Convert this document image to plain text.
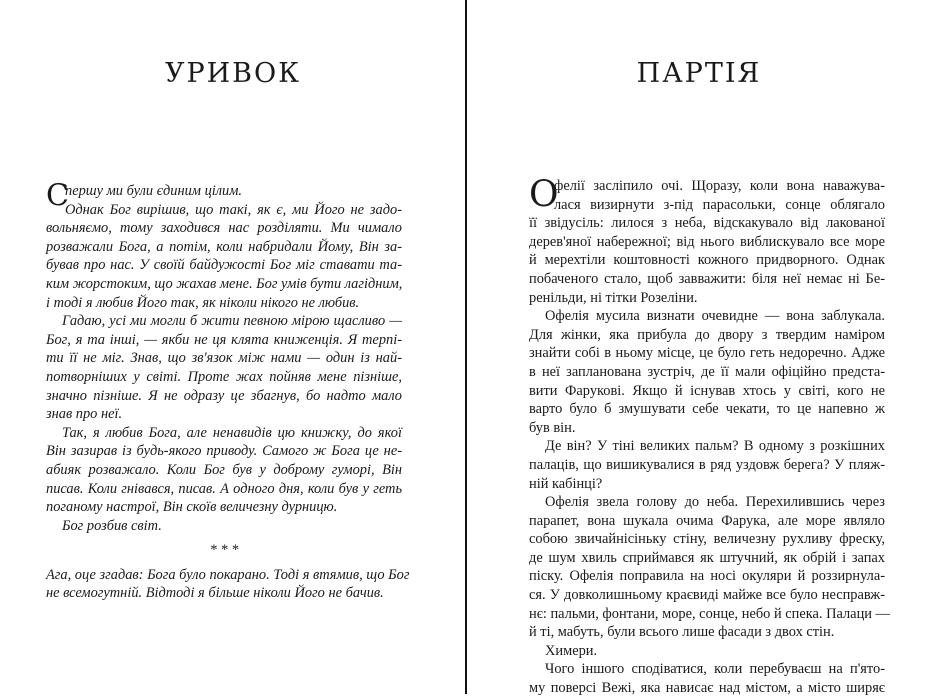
УРИВОК
С
першу ми були єдиним цілим.
Однак Бог вирішив, що такі, як є, ми Його не задо-
вольняємо, тому заходився нас розділяти. Ми чимало
розважали Бога, а потім, коли набридали Йому, Він за-
бував про нас. У своїй байдужості Бог міг ставати та-
ким жорстоким, що жахав мене. Бог умів бути лагідним,
і тоді я любив Його так, як ніколи нікого не любив.
Гадаю, усі ми могли б жити певною мірою щасливо —
Бог, я та інші, — якби не ця клята книженція. Я терпі-
ти її не міг. Знав, що зв'язок між нами — один із най-
потворніших у світі. Проте жах пойняв мене пізніше,
значно пізніше. Я не одразу це збагнув, бо надто мало
знав про неї.
Так, я любив Бога, але ненавидів цю книжку, до якої
Він зазирав із будь-якого приводу. Самого ж Бога це не-
абияк розважало. Коли Бог був у доброму гуморі, Він
писав. Коли гнівався, писав. А одного дня, коли був у геть
поганому настрої, Він скоїв величезну дурницю.
Бог розбив світ.
* * *
Ага, оце згадав: Бога було покарано. Тоді я втямив, що Бог
не всемогутній. Відтоді я більше ніколи Його не бачив.
ПАРТІЯ
О
фелії засліпило очі. Щоразу, коли вона наважува-
лася визирнути з-під парасольки, сонце облягало
її звідусіль: лилося з неба, відскакувало від лакованої
дерев'яної набережної; від нього виблискувало все море
й мерехтіли коштовності кожного придворного. Однак
побаченого стало, щоб завважити: біля неї немає ні Бе-
ренільди, ні тітки Розеліни.
Офелія мусила визнати очевидне — вона заблукала.
Для жінки, яка прибула до двору з твердим наміром
знайти собі в ньому місце, це було геть недоречно. Адже
в неї запланована зустріч, де її мали офіційно предста-
вити Фарукові. Якщо й існував хтось у світі, кого не
варто було б змушувати себе чекати, то це напевно ж
був він.
Де він? У тіні великих пальм? В одному з розкішних
палаців, що вишикувалися в ряд уздовж берега? У пляж-
ній кабінці?
Офелія звела голову до неба. Перехилившись через
парапет, вона шукала очима Фарука, але море являло
собою звичайнісіньку стіну, величезну рухливу фреску,
де шум хвиль сприймався як штучний, як обрій і запах
піску. Офелія поправила на носі окуляри й роззирнула-
ся. У довколишньому краєвиді майже все було несправж-
нє: пальми, фонтани, море, сонце, небо й спека. Палаци —
й ті, мабуть, були всього лише фасади з двох стін.
Химери.
Чого іншого сподіватися, коли перебуваєш на п'ято-
му поверсі Вежі, яка нависає над містом, а місто ширяє
